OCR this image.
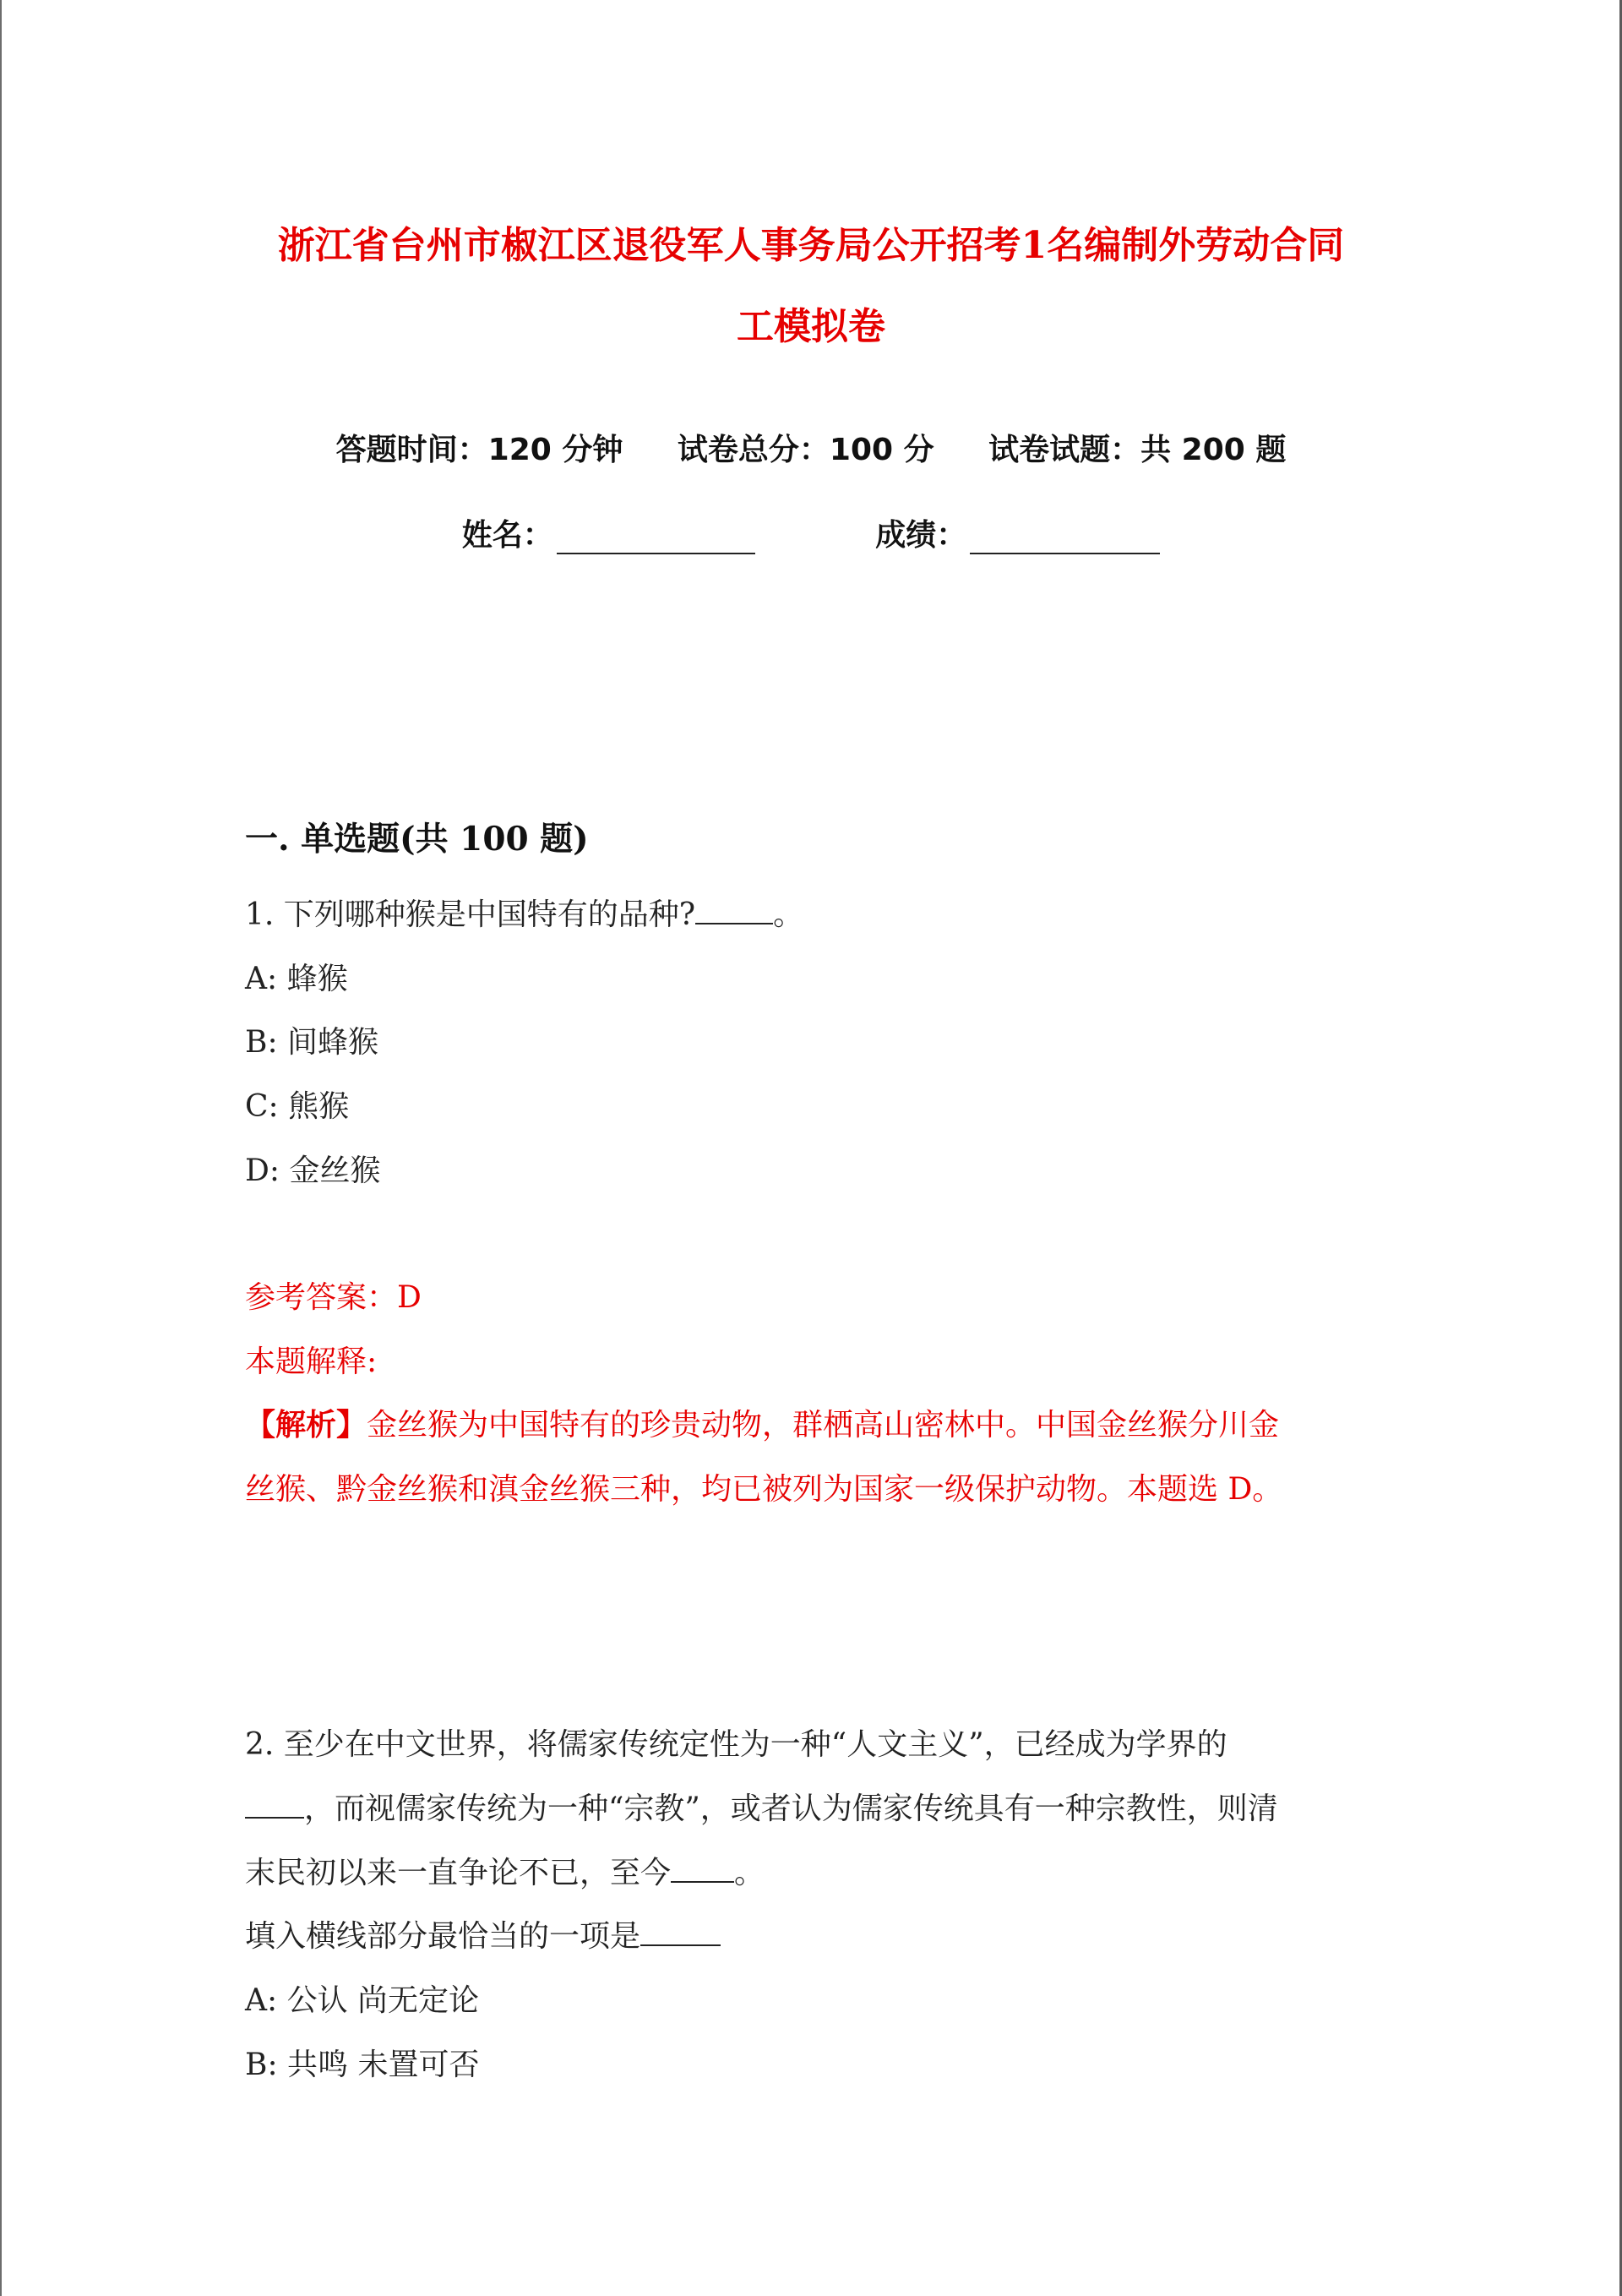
浙江省台州市椒江区退役军人事务局公开招考1名编制外劳动合同
工模拟卷
答题时间：120 分钟 试卷总分：100 分 试卷试题：共 200 题
姓名：	成绩：
一. 单选题(共 100 题)
1. 下列哪种猴是中国特有的品种?	。
A: 蜂猴
B: 间蜂猴
C: 熊猴
D: 金丝猴
参考答案：D
本题解释:
【解析】金丝猴为中国特有的珍贵动物，群栖高山密林中。中国金丝猴分川金
丝猴、黔金丝猴和滇金丝猴三种，均已被列为国家一级保护动物。本题选 D。
2. 至少在中文世界，将儒家传统定性为一种“人文主义”，已经成为学界的
，而视儒家传统为一种“宗教”，或者认为儒家传统具有一种宗教性，则清
末民初以来一直争论不已，至今 。
填入横线部分最恰当的一项是
A: 公认 尚无定论
B: 共鸣 未置可否
